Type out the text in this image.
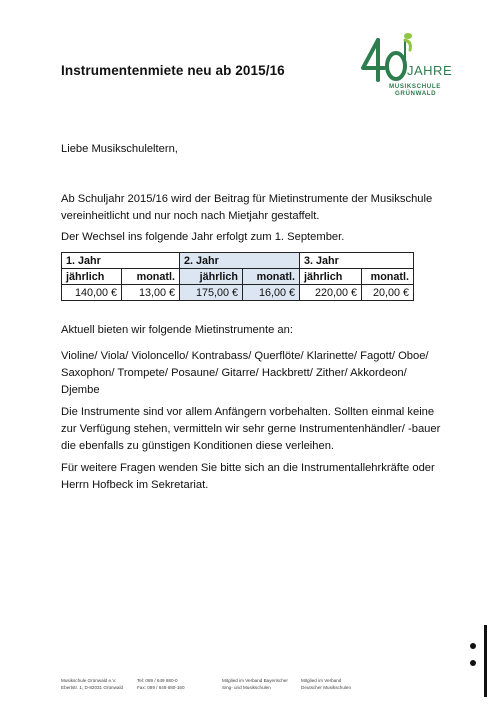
Instrumentenmiete neu ab 2015/16	JAHRE
MUSIKSCHULE
GRÜNWALD
Liebe Musikschuleltern,
Ab Schuljahr 2015/16 wird der Beitrag für Mietinstrumente der Musikschule vereinheitlicht und nur noch nach Mietjahr gestaffelt.
Der Wechsel ins folgende Jahr erfolgt zum 1. September.
1. Jahr		2. Jahr		3. Jahr	
jährlich	monatl.	jährlich	monatl.	jährlich	monatl.
140,00 €	13,00 €	175,00 €	16,00 €	220,00 €	20,00 €
Aktuell bieten wir folgende Mietinstrumente an:
Violine/ Viola/ Violoncello/ Kontrabass/ Querflöte/ Klarinette/ Fagott/ Oboe/ Saxophon/ Trompete/ Posaune/ Gitarre/ Hackbrett/ Zither/ Akkordeon/ Djembe
Die Instrumente sind vor allem Anfängern vorbehalten. Sollten einmal keine zur Verfügung stehen, vermitteln wir sehr gerne Instrumentenhändler/ -bauer die ebenfalls zu günstigen Konditionen diese verleihen.
Für weitere Fragen wenden Sie bitte sich an die Instrumentallehrkräfte oder Herrn Hofbeck im Sekretariat.
Musikschule Grünwald e.V.
Ebertstr. 1, D-82031 Grünwald
Tel: 089 / 649 680-0
Fax: 089 / 649 680-160
Mitglied im Verband Bayerischer
Sing- und Musikschulen
Mitglied im Verband
Deutscher Musikschulen
